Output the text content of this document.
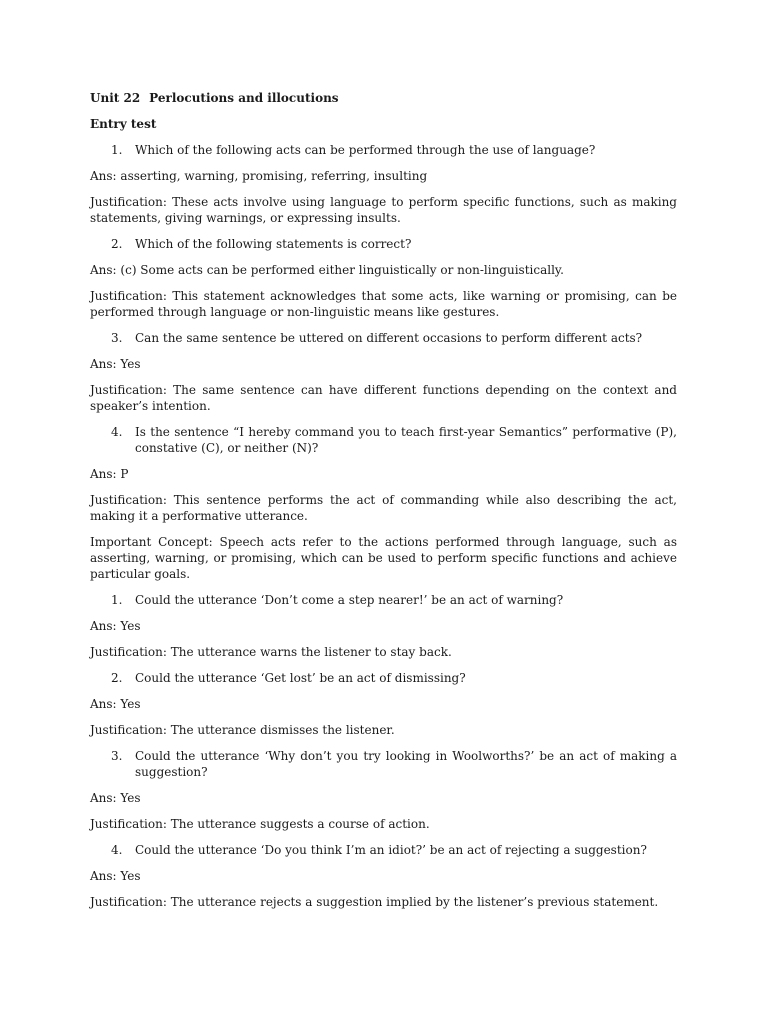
Unit 22 Perlocutions and illocutions
Entry test
1. Which of the following acts can be performed through the use of language?
Ans: asserting, warning, promising, referring, insulting
Justification: These acts involve using language to perform specific functions, such as making statements, giving warnings, or expressing insults.
2. Which of the following statements is correct?
Ans: (c) Some acts can be performed either linguistically or non-linguistically.
Justification: This statement acknowledges that some acts, like warning or promising, can be performed through language or non-linguistic means like gestures.
3. Can the same sentence be uttered on different occasions to perform different acts?
Ans: Yes
Justification: The same sentence can have different functions depending on the context and speaker’s intention.
4. Is the sentence “I hereby command you to teach first-year Semantics” performative (P), constative (C), or neither (N)?
Ans: P
Justification: This sentence performs the act of commanding while also describing the act, making it a performative utterance.
Important Concept: Speech acts refer to the actions performed through language, such as asserting, warning, or promising, which can be used to perform specific functions and achieve particular goals.
1. Could the utterance ‘Don’t come a step nearer!’ be an act of warning?
Ans: Yes
Justification: The utterance warns the listener to stay back.
2. Could the utterance ‘Get lost’ be an act of dismissing?
Ans: Yes
Justification: The utterance dismisses the listener.
3. Could the utterance ‘Why don’t you try looking in Woolworths?’ be an act of making a suggestion?
Ans: Yes
Justification: The utterance suggests a course of action.
4. Could the utterance ‘Do you think I’m an idiot?’ be an act of rejecting a suggestion?
Ans: Yes
Justification: The utterance rejects a suggestion implied by the listener’s previous statement.
